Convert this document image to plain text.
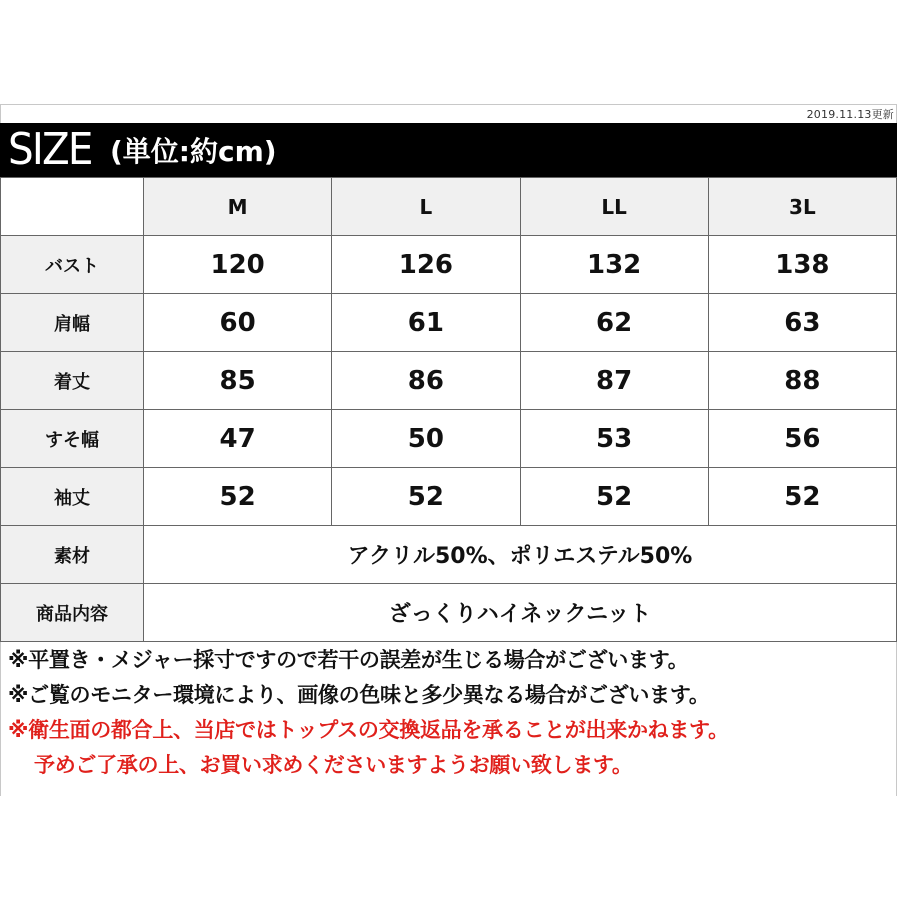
2019.11.13更新
SIZE (単位:約cm)
	M	L	LL	3L
バスト	120	126	132	138
肩幅	60	61	62	63
着丈	85	86	87	88
すそ幅	47	50	53	56
袖丈	52	52	52	52
素材	アクリル50%、ポリエステル50%			
商品内容	ざっくりハイネックニット			
※平置き・メジャー採寸ですので若干の誤差が生じる場合がございます。
※ご覧のモニター環境により、画像の色味と多少異なる場合がございます。
※衛生面の都合上、当店ではトップスの交換返品を承ることが出来かねます。
予めご了承の上、お買い求めくださいますようお願い致します。
